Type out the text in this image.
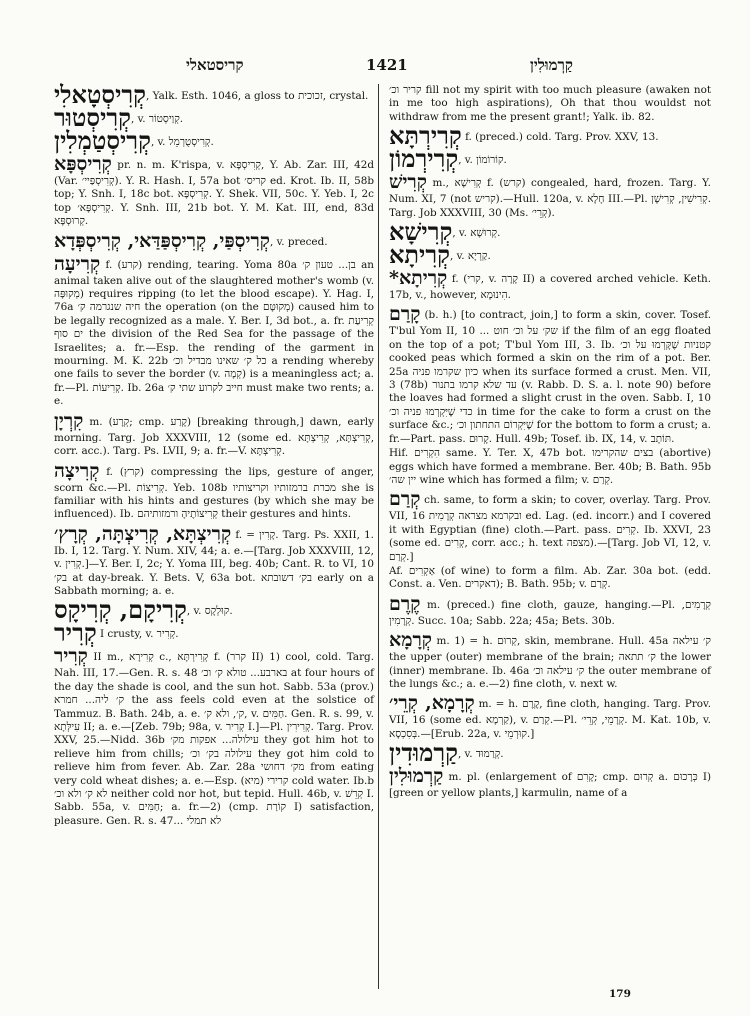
קריסטאלי	1421	קַרְמוּלִין
קְרִיסְטָאלִי, Yalk. Esth. 1046, a gloss to זכוכית, crystal.
קְרִיסְטוּר, v. קְוַיסְטוֹר.
קְרִיסְטַמְלִין, v. קְרִיסְטֻרְמֵל.
קְרִיסְפָּא pr. n. m. K'rispa, v. קְרִיסְפָּא, Y. Ab. Zar. III, 42d (Var. קְרִיסְפַּיי׳). Y. R. Hash. I, 57a bot קריס׳ ed. Krot. Ib. II, 58b top; Y. Snh. I, 18c bot. קְרִיסְפָּא. Y. Shek. VII, 50c. Y. Yeb. I, 2c top קְרִיסְפָּא׳. Y. Snh. III, 21b bot. Y. M. Kat. III, end, 83d קְרוּסְפָּא.
קְרִיסְפַּי, קְרִיסְפַּדַּאי, קְרִיסְפְּדָא, v. preced.
קְרִיעָה f. (קרע) rending, tearing. Yoma 80a בן... טעון ק׳ an animal taken alive out of the slaughtered mother's womb (v. מְקוּפָּה) requires ripping (to let the blood escape). Y. Hag. I, 76a חיה שנגרמה ק׳ the operation (on the מְקוּטָּם) caused him to be legally recognized as a male. Y. Ber. I, 3d bot., a. fr. קְרִיעַת ים סוף the division of the Red Sea for the passage of the Israelites; a. fr.—Esp. the rending of the garment in mourning. M. K. 22b כל ק׳ שאינו מבדיל וכ׳ a rending whereby one fails to sever the border (v. קְמָה) is a meaningless act; a. fr.—Pl. קְרִיעוֹת. Ib. 26a חייב לקרוע שתי ק׳ must make two rents; a. e.
קִרְיָן m. (קְרָע; cmp. קָרַע) [breaking through,] dawn, early morning. Targ. Job XXXVIII, 12 (some ed. קְרִיצְתָּא, קְרִיצְתָּא, corr. acc.). Targ. Ps. LVII, 9; a. fr.—V. קְרִיצְתָּא.
קְרִיצָה f. (קרץ) compressing the lips, gesture of anger, scorn &c.—Pl. קְרִיצוֹת. Yeb. 108b מכרת ברמזותיו וקריצותיו she is familiar with his hints and gestures (by which she may be influenced). Ib. קְרִיצוֹתֶיהָ ורמזותיהם their gestures and hints.
קְרִיצְתָּא, קְרִיצְתָּה, קְרָץ׳ f. = קָרִין. Targ. Ps. XXII, 1. Ib. I, 12. Targ. Y. Num. XIV, 44; a. e.—[Targ. Job XXXVIII, 12, v. קְרִין.]—Y. Ber. I, 2c; Y. Yoma III, beg. 40b; Cant. R. to VI, 10 בק׳ at day-break. Y. Bets. V, 63a bot. בק׳ דשובתא early on a Sabbath morning; a. e.
קְרִיקָם, קְרִיקָס, v. קוּלְקָס.
קְרִיר I crusty, v. קְרִיר.
קְרִיר II m., קְרִירָא c., קְרִירְתָּא f. (קרר II) 1) cool, cold. Targ. Nah. III, 17.—Gen. R. s. 48 בארבע... טולא ק׳ וכ׳ at four hours of the day the shade is cool, and the sun hot. Sabb. 53a (prov.) ק׳ ליה... חמרא the ass feels cold even at the solstice of Tammuz. B. Bath. 24b, a. e. ק׳, ולא ק׳, v. חַמִּים. Gen. R. s. 99, v. עִילְּתָא II; a. e.—[Zeb. 79b; 98a, v. קְרִיר I.]—Pl. קְרִירִין. Targ. Prov. XXV, 25.—Nidd. 36b עילולה... אפקות מק׳ they got him hot to relieve him from chills; עילולה בק׳ וכ׳ they got him cold to relieve him from fever. Ab. Zar. 28a מק׳ דחושי from eating very cold wheat dishes; a. e.—Esp. קרירי (מיא) cold water. Ib.b לא ק׳ ולא וכ׳ neither cold nor hot, but tepid. Hull. 46b, v. קְרֵשׁ I. Sabb. 55a, v. חַמִּים; a. fr.—2) (cmp. קוֹרַת I) satisfaction, pleasure. Gen. R. s. 47... לא תמלי
קריר וכ׳ fill not my spirit with too much pleasure (awaken not in me too high aspirations), Oh that thou wouldst not withdraw from me the present grant!; Yalk. ib. 82.
קְרִירְתָּא f. (preced.) cold. Targ. Prov. XXV, 13.
קְרִירְמוֹן, v. קוֹרוֹמוֹן.
קְרִישׁ m., קְרִישָׁא f. (קרש) congealed, hard, frozen. Targ. Y. Num. XI, 7 (not קריש).—Hull. 120a, v. חָלָא III.—Pl. קְרִישִׁין, קְרִישָׁן. Targ. Job XXXVIII, 30 (Ms. קְרֵי׳).
קְרִישָׁא, v. קְרוּשָׁא.
קְרִיתָא, v. קַרְיָא.
*קְרִיתָא f. (קרי, v. קָרָה II) a covered arched vehicle. Keth. 17b, v., however, הִינוּמָא.
קָרַם (b. h.) [to contract, join,] to form a skin, cover. Tosef. T'bul Yom II, 10 ... שק׳ על וכ׳ חוט if the film of an egg floated on the top of a pot; T'bul Yom III, 3. Ib. קטניות שֶׁקָּרְמוּ על וכ׳ cooked peas which formed a skin on the rim of a pot. Ber. 25a כיון שקרמו פניה when its surface formed a crust. Men. VII, 3 (78b) עד שלא קרמו בתנור (v. Rabb. D. S. a. l. note 90) before the loaves had formed a slight crust in the oven. Sabb. I, 10 כדי שֶׁיִּקְרְמוּ פניה וכ׳ in time for the cake to form a crust on the surface &c.; שֶׁיִּקְרוֹם התחתון וכ׳ for the bottom to form a crust; a. fr.—Part. pass. קָרוּם. Hull. 49b; Tosef. ib. IX, 14, v. תּוֹתָב.
Hif. הִקְרִים same. Y. Ter. X, 47b bot. בצים שהקרימו (abortive) eggs which have formed a membrane. Ber. 40b; B. Bath. 95b יין שה׳ wine which has formed a film; v. קְרַם.
קְרַם ch. same, to form a skin; to cover, overlay. Targ. Prov. VII, 16 ובקרמא מצראה קְרָמִית ed. Lag. (ed. incorr.) and I covered it with Egyptian (fine) cloth.—Part. pass. קְרִים. Ib. XXVI, 23 (some ed. קְרִים, corr. acc.; h. text מצפה).—[Targ. Job VI, 12, v. קְרַם.]
Af. אַקְרִים (of wine) to form a film. Ab. Zar. 30a bot. (edd. Const. a. Ven. דאקרים); B. Bath. 95b; v. קְרַם.
קֶרֶם m. (preced.) fine cloth, gauze, hanging.—Pl. קְרָמִים, קְרָמִין. Succ. 10a; Sabb. 22a; 45a; Bets. 30b.
קְרָמָא m. 1) = h. קְרוּם, skin, membrane. Hull. 45a ק׳ עילאה the upper (outer) membrane of the brain; ק׳ תתאה the lower (inner) membrane. Ib. 46a ק׳ עילאה וכ׳ the outer membrane of the lungs &c.; a. e.—2) fine cloth, v. next w.
קְרָמָא, קְרֵי׳ m. = h. קֶרֶם, fine cloth, hanging. Targ. Prov. VII, 16 (some ed. קַרְמָא), v. קְרַם.—Pl. קְרָמֵי, קְרֵי׳. M. Kat. 10b, v. בְּסִכְסָא.—[Erub. 22a, v. קוּרְמֵי.]
קַרְמוּדִין, v. קְרַמוּד.
קַרְמוּלִין m. pl. (enlargement of קָרִם; cmp. קְרוּם a. כְּרָכוּם I) [green or yellow plants,] karmulin, name of a
179
